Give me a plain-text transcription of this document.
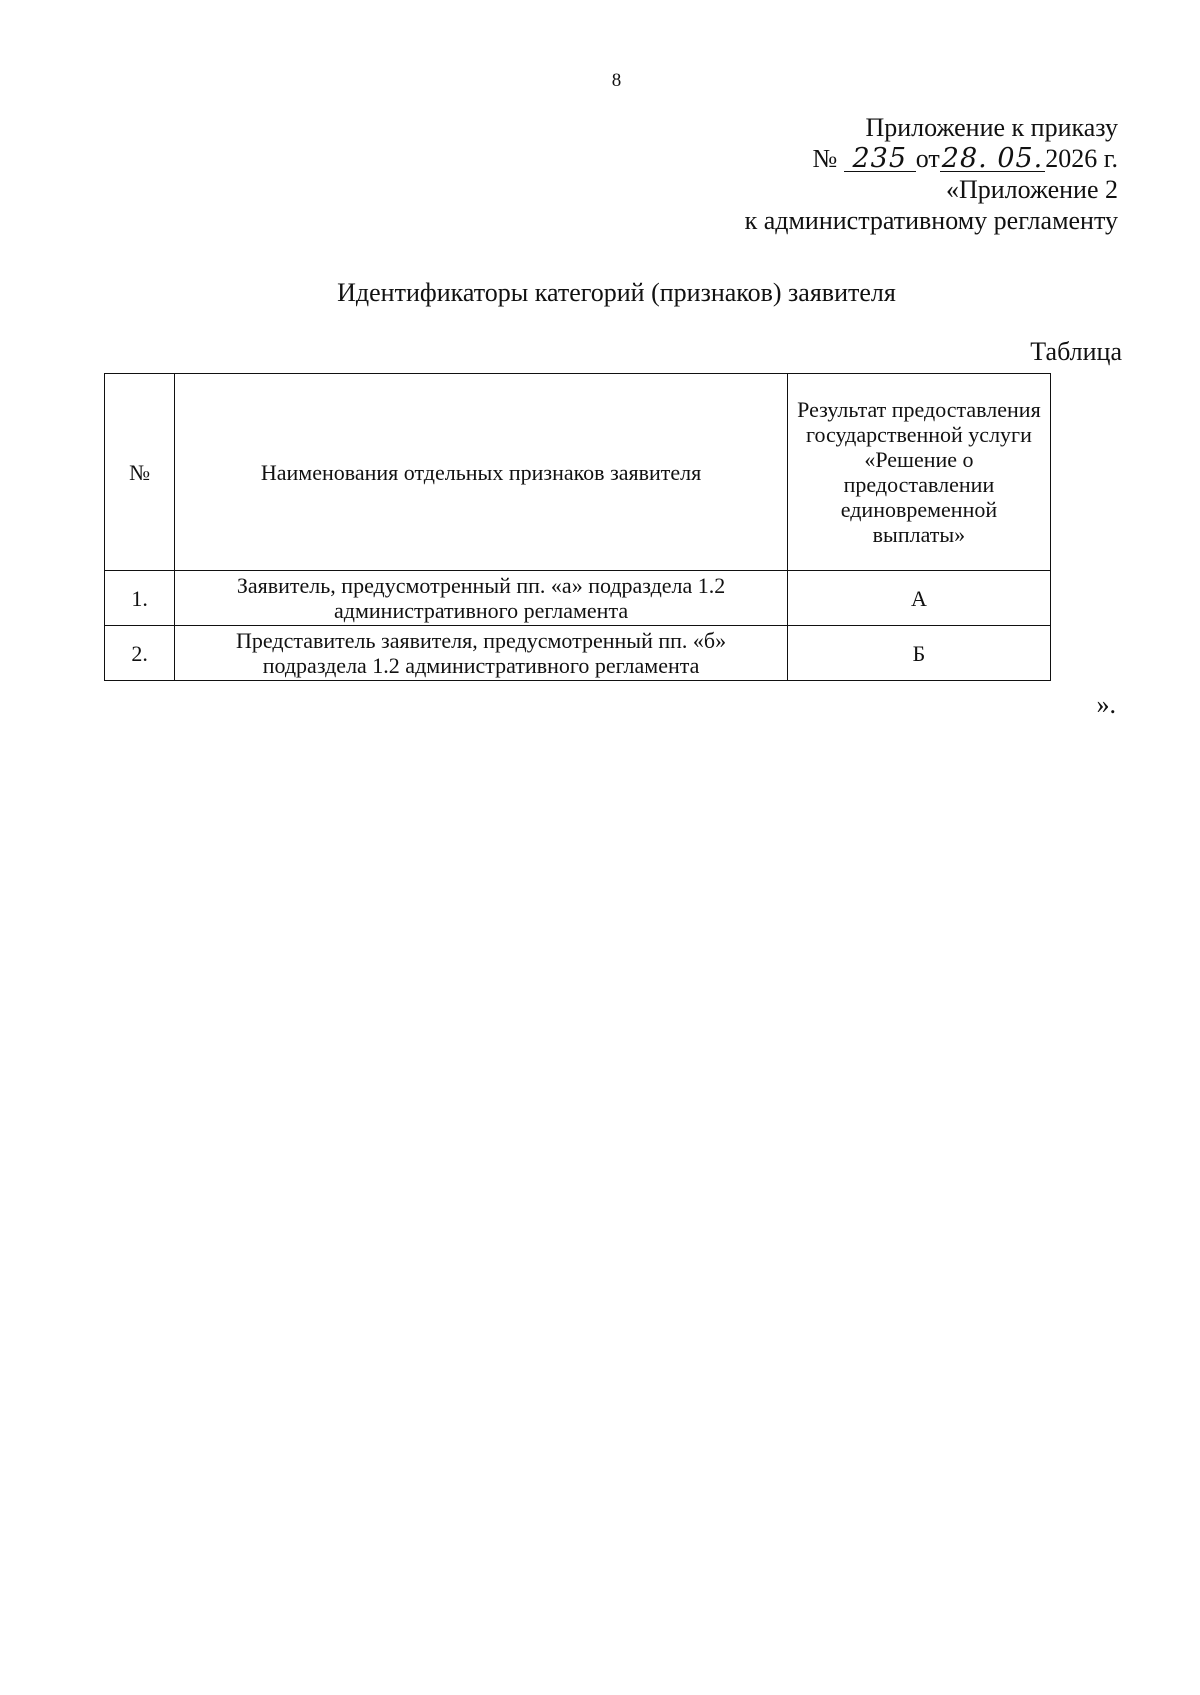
8
Приложение к приказу
№ 235 от28. 05.2026 г.
«Приложение 2
к административному регламенту
Идентификаторы категорий (признаков) заявителя
Таблица
№	Наименования отдельных признаков заявителя	Результат предоставления государственной услуги «Решение о предоставлении единовременной выплаты»
1.	Заявитель, предусмотренный пп. «а» подраздела 1.2 административного регламента	А
2.	Представитель заявителя, предусмотренный пп. «б» подраздела 1.2 административного регламента	Б
».
